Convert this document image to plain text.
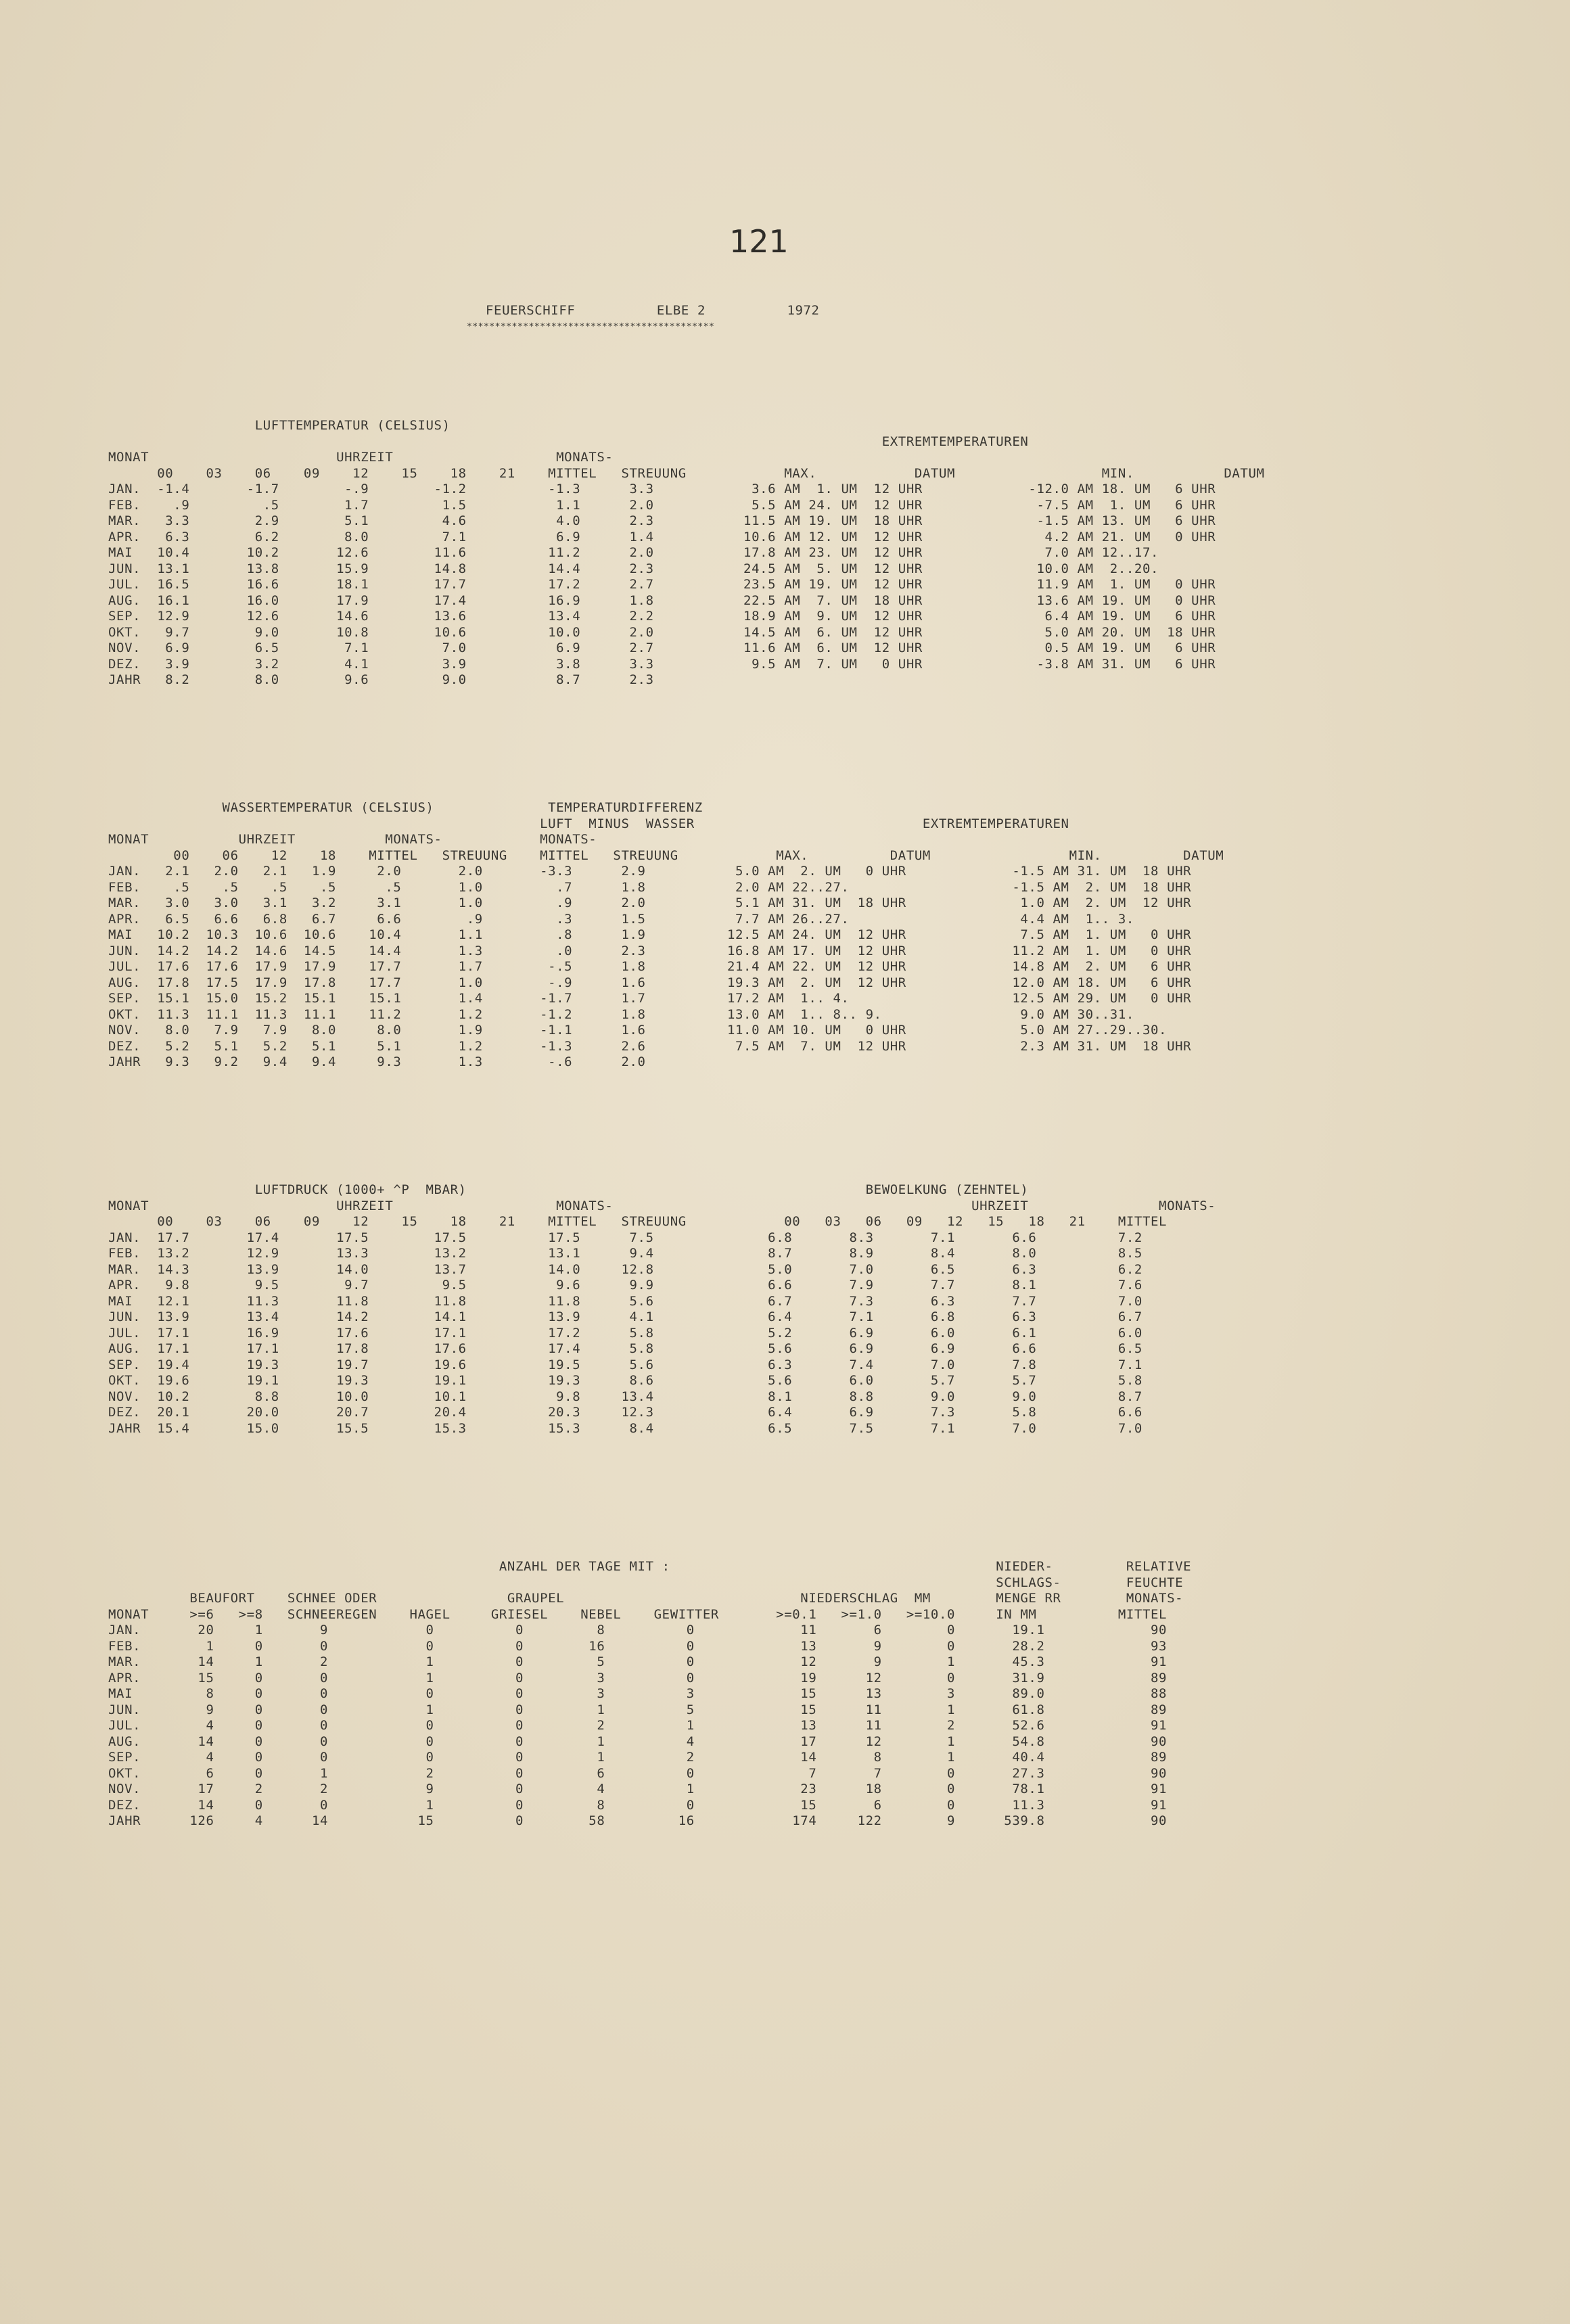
121
FEUERSCHIFF          ELBE 2          1972
********************************************
LUFTTEMPERATUR (CELSIUS)
EXTREMTEMPERATUREN
MONAT                       UHRZEIT                    MONATS-
00    03    06    09    12    15    18    21    MITTEL   STREUUNG            MAX.            DATUM                  MIN.           DATUM
JAN.  -1.4       -1.7        -.9        -1.2          -1.3      3.3            3.6 AM  1. UM  12 UHR             -12.0 AM 18. UM   6 UHR
FEB.    .9         .5        1.7         1.5           1.1      2.0            5.5 AM 24. UM  12 UHR              -7.5 AM  1. UM   6 UHR
MAR.   3.3        2.9        5.1         4.6           4.0      2.3           11.5 AM 19. UM  18 UHR              -1.5 AM 13. UM   6 UHR
APR.   6.3        6.2        8.0         7.1           6.9      1.4           10.6 AM 12. UM  12 UHR               4.2 AM 21. UM   0 UHR
MAI   10.4       10.2       12.6        11.6          11.2      2.0           17.8 AM 23. UM  12 UHR               7.0 AM 12..17.
JUN.  13.1       13.8       15.9        14.8          14.4      2.3           24.5 AM  5. UM  12 UHR              10.0 AM  2..20.
JUL.  16.5       16.6       18.1        17.7          17.2      2.7           23.5 AM 19. UM  12 UHR              11.9 AM  1. UM   0 UHR
AUG.  16.1       16.0       17.9        17.4          16.9      1.8           22.5 AM  7. UM  18 UHR              13.6 AM 19. UM   0 UHR
SEP.  12.9       12.6       14.6        13.6          13.4      2.2           18.9 AM  9. UM  12 UHR               6.4 AM 19. UM   6 UHR
OKT.   9.7        9.0       10.8        10.6          10.0      2.0           14.5 AM  6. UM  12 UHR               5.0 AM 20. UM  18 UHR
NOV.   6.9        6.5        7.1         7.0           6.9      2.7           11.6 AM  6. UM  12 UHR               0.5 AM 19. UM   6 UHR
DEZ.   3.9        3.2        4.1         3.9           3.8      3.3            9.5 AM  7. UM   0 UHR              -3.8 AM 31. UM   6 UHR
JAHR   8.2        8.0        9.6         9.0           8.7      2.3
WASSERTEMPERATUR (CELSIUS)              TEMPERATURDIFFERENZ
LUFT  MINUS  WASSER                            EXTREMTEMPERATUREN
MONAT           UHRZEIT           MONATS-            MONATS-
00    06    12    18    MITTEL   STREUUNG    MITTEL   STREUUNG            MAX.          DATUM                 MIN.          DATUM
JAN.   2.1   2.0   2.1   1.9     2.0       2.0       -3.3      2.9           5.0 AM  2. UM   0 UHR             -1.5 AM 31. UM  18 UHR
FEB.    .5    .5    .5    .5      .5       1.0         .7      1.8           2.0 AM 22..27.                    -1.5 AM  2. UM  18 UHR
MAR.   3.0   3.0   3.1   3.2     3.1       1.0         .9      2.0           5.1 AM 31. UM  18 UHR              1.0 AM  2. UM  12 UHR
APR.   6.5   6.6   6.8   6.7     6.6        .9         .3      1.5           7.7 AM 26..27.                     4.4 AM  1.. 3.
MAI   10.2  10.3  10.6  10.6    10.4       1.1         .8      1.9          12.5 AM 24. UM  12 UHR              7.5 AM  1. UM   0 UHR
JUN.  14.2  14.2  14.6  14.5    14.4       1.3         .0      2.3          16.8 AM 17. UM  12 UHR             11.2 AM  1. UM   0 UHR
JUL.  17.6  17.6  17.9  17.9    17.7       1.7        -.5      1.8          21.4 AM 22. UM  12 UHR             14.8 AM  2. UM   6 UHR
AUG.  17.8  17.5  17.9  17.8    17.7       1.0        -.9      1.6          19.3 AM  2. UM  12 UHR             12.0 AM 18. UM   6 UHR
SEP.  15.1  15.0  15.2  15.1    15.1       1.4       -1.7      1.7          17.2 AM  1.. 4.                    12.5 AM 29. UM   0 UHR
OKT.  11.3  11.1  11.3  11.1    11.2       1.2       -1.2      1.8          13.0 AM  1.. 8.. 9.                 9.0 AM 30..31.
NOV.   8.0   7.9   7.9   8.0     8.0       1.9       -1.1      1.6          11.0 AM 10. UM   0 UHR              5.0 AM 27..29..30.
DEZ.   5.2   5.1   5.2   5.1     5.1       1.2       -1.3      2.6           7.5 AM  7. UM  12 UHR              2.3 AM 31. UM  18 UHR
JAHR   9.3   9.2   9.4   9.4     9.3       1.3        -.6      2.0
LUFTDRUCK (1000+ ^P  MBAR)                                                 BEWOELKUNG (ZEHNTEL)
MONAT                       UHRZEIT                    MONATS-                                            UHRZEIT                MONATS-
00    03    06    09    12    15    18    21    MITTEL   STREUUNG            00   03   06   09   12   15   18   21    MITTEL
JAN.  17.7       17.4       17.5        17.5          17.5      7.5              6.8       8.3       7.1       6.6          7.2
FEB.  13.2       12.9       13.3        13.2          13.1      9.4              8.7       8.9       8.4       8.0          8.5
MAR.  14.3       13.9       14.0        13.7          14.0     12.8              5.0       7.0       6.5       6.3          6.2
APR.   9.8        9.5        9.7         9.5           9.6      9.9              6.6       7.9       7.7       8.1          7.6
MAI   12.1       11.3       11.8        11.8          11.8      5.6              6.7       7.3       6.3       7.7          7.0
JUN.  13.9       13.4       14.2        14.1          13.9      4.1              6.4       7.1       6.8       6.3          6.7
JUL.  17.1       16.9       17.6        17.1          17.2      5.8              5.2       6.9       6.0       6.1          6.0
AUG.  17.1       17.1       17.8        17.6          17.4      5.8              5.6       6.9       6.9       6.6          6.5
SEP.  19.4       19.3       19.7        19.6          19.5      5.6              6.3       7.4       7.0       7.8          7.1
OKT.  19.6       19.1       19.3        19.1          19.3      8.6              5.6       6.0       5.7       5.7          5.8
NOV.  10.2        8.8       10.0        10.1           9.8     13.4              8.1       8.8       9.0       9.0          8.7
DEZ.  20.1       20.0       20.7        20.4          20.3     12.3              6.4       6.9       7.3       5.8          6.6
JAHR  15.4       15.0       15.5        15.3          15.3      8.4              6.5       7.5       7.1       7.0          7.0
ANZAHL DER TAGE MIT :                                        NIEDER-         RELATIVE
SCHLAGS-        FEUCHTE
BEAUFORT    SCHNEE ODER                GRAUPEL                             NIEDERSCHLAG  MM        MENGE RR        MONATS-
MONAT     >=6   >=8   SCHNEEREGEN    HAGEL     GRIESEL    NEBEL    GEWITTER       >=0.1   >=1.0   >=10.0     IN MM          MITTEL
JAN.       20     1       9            0          0         8          0             11       6        0       19.1             90
FEB.        1     0       0            0          0        16          0             13       9        0       28.2             93
MAR.       14     1       2            1          0         5          0             12       9        1       45.3             91
APR.       15     0       0            1          0         3          0             19      12        0       31.9             89
MAI         8     0       0            0          0         3          3             15      13        3       89.0             88
JUN.        9     0       0            1          0         1          5             15      11        1       61.8             89
JUL.        4     0       0            0          0         2          1             13      11        2       52.6             91
AUG.       14     0       0            0          0         1          4             17      12        1       54.8             90
SEP.        4     0       0            0          0         1          2             14       8        1       40.4             89
OKT.        6     0       1            2          0         6          0              7       7        0       27.3             90
NOV.       17     2       2            9          0         4          1             23      18        0       78.1             91
DEZ.       14     0       0            1          0         8          0             15       6        0       11.3             91
JAHR      126     4      14           15          0        58         16            174     122        9      539.8             90
